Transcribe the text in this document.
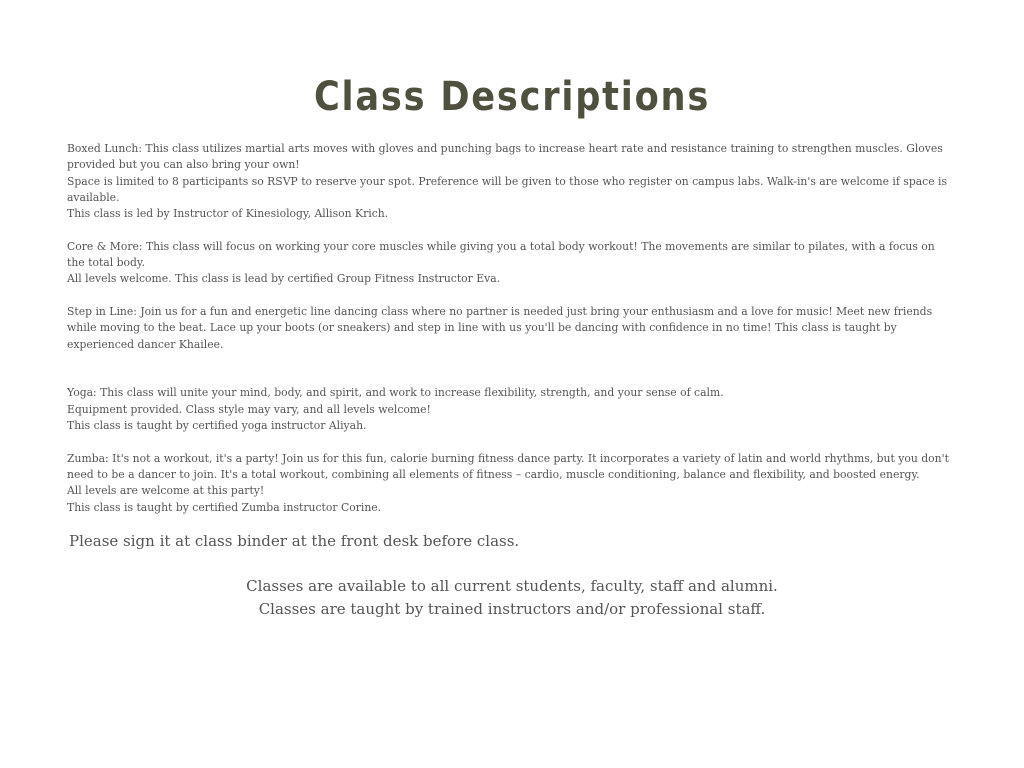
Class Descriptions

Boxed Lunch: This class utilizes martial arts moves with gloves and punching bags to increase heart rate and resistance training to strengthen muscles. Gloves provided but you can also bring your own!

Space is limited to 8 participants so RSVP to reserve your spot. Preference will be given to those who register on campus labs. Walk-in's are welcome if space is available.

This class is led by Instructor of Kinesiology, Allison Krich.

Core & More: This class will focus on working your core muscles while giving you a total body workout! The movements are similar to pilates, with a focus on the total body.

All levels welcome. This class is lead by certified Group Fitness Instructor Eva.

Step in Line: Join us for a fun and energetic line dancing class where no partner is needed just bring your enthusiasm and a love for music! Meet new friends while moving to the beat. Lace up your boots (or sneakers) and step in line with us you'll be dancing with confidence in no time! This class is taught by experienced dancer Khailee.

Yoga: This class will unite your mind, body, and spirit, and work to increase flexibility, strength, and your sense of calm.

Equipment provided. Class style may vary, and all levels welcome!

This class is taught by certified yoga instructor Aliyah.

Zumba: It's not a workout, it's a party! Join us for this fun, calorie burning fitness dance party. It incorporates a variety of latin and world rhythms, but you don't need to be a dancer to join. It's a total workout, combining all elements of fitness – cardio, muscle conditioning, balance and flexibility, and boosted energy.

All levels are welcome at this party!

This class is taught by certified Zumba instructor Corine.

Please sign it at class binder at the front desk before class.
Classes are available to all current students, faculty, staff and alumni.
Classes are taught by trained instructors and/or professional staff.
